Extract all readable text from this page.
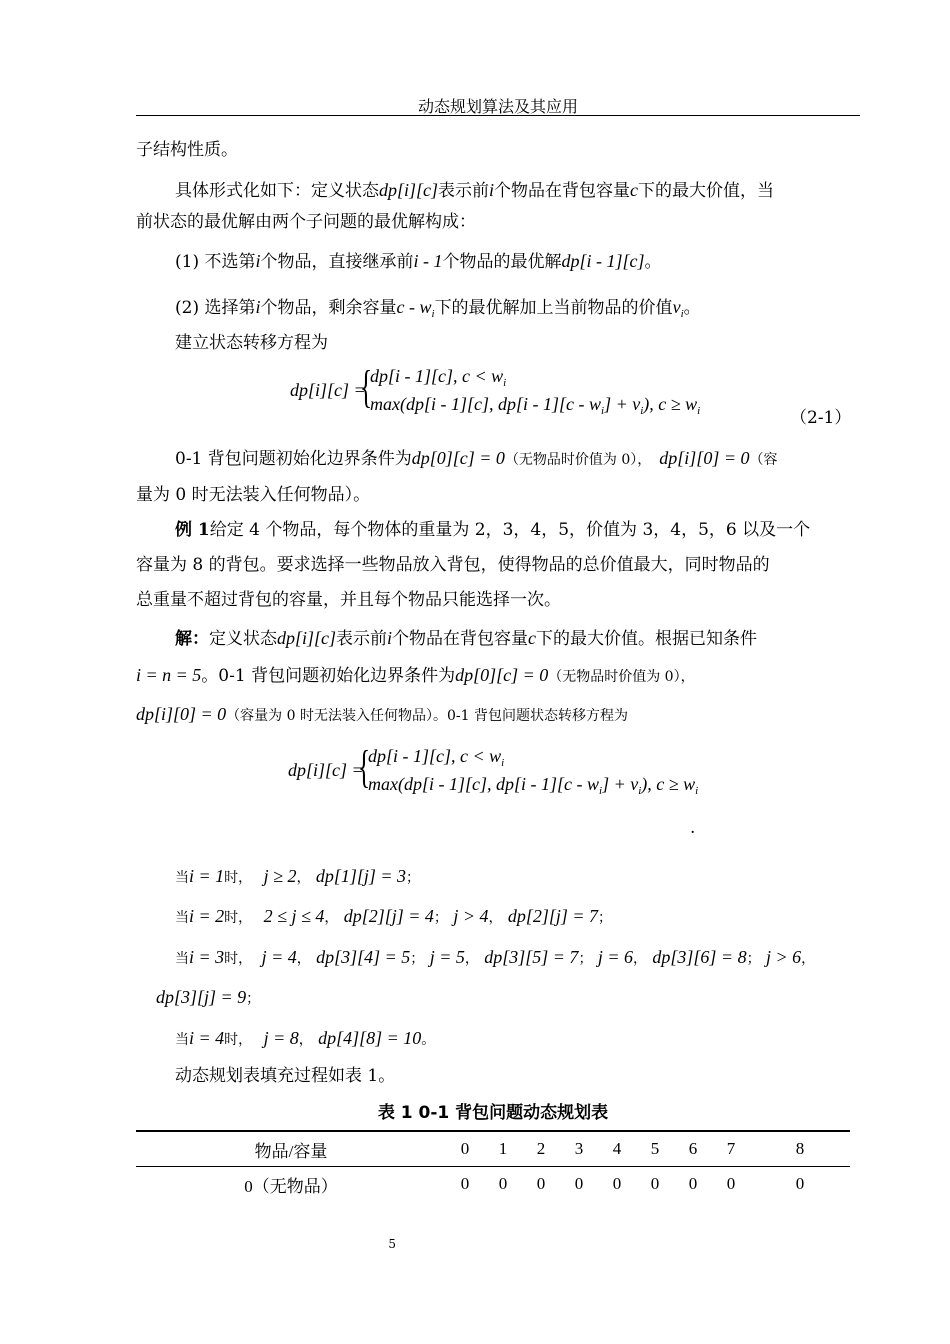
动态规划算法及其应用
子结构性质。
具体形式化如下：定义状态dp[i][c]表示前i个物品在背包容量c下的最大价值，当
前状态的最优解由两个子问题的最优解构成：
(1) 不选第i个物品，直接继承前i - 1个物品的最优解dp[i - 1][c]。
(2) 选择第i个物品，剩余容量c - $w_i$下的最优解加上当前物品的价值$v_i$。
建立状态转移方程为
dp[i][c] =
{
dp[i - 1][c], $c < w_i$
max(dp[i - 1][c], $dp[i - 1][c - w_i] + v_i$), $c \ge w_i$	（2-1）
0-1 背包问题初始化边界条件为dp[0][c] = 0（无物品时价值为 0）， dp[i][0] = 0（容
量为 0 时无法装入任何物品）。
例 1给定 4 个物品，每个物体的重量为 2，3，4，5，价值为 3，4，5，6 以及一个
容量为 8 的背包。要求选择一些物品放入背包，使得物品的总价值最大，同时物品的
总重量不超过背包的容量，并且每个物品只能选择一次。
解：定义状态dp[i][c]表示前i个物品在背包容量c下的最大价值。根据已知条件
i = n = 5。0-1 背包问题初始化边界条件为dp[0][c] = 0（无物品时价值为 0），
dp[i][0] = 0（容量为 0 时无法装入任何物品）。0-1 背包问题状态转移方程为
dp[i][c] =
{
dp[i - 1][c], $c < w_i$
max(dp[i - 1][c], $dp[i - 1][c - w_i] + v_i$), $c \ge w_i$
.
当i = 1时， j ≥ 2， dp[1][j] = 3；
当i = 2时， 2 ≤ j ≤ 4， dp[2][j] = 4； j > 4， dp[2][j] = 7；
当i = 3时， j = 4， dp[3][4] = 5； j = 5， dp[3][5] = 7； j = 6， dp[3][6] = 8； j > 6，
dp[3][j] = 9；
当i = 4时， j = 8， dp[4][8] = 10。
动态规划表填充过程如表 1。
表 1 0-1 背包问题动态规划表
物品/容量	0	1	2	3	4	5	6	7	8
0（无物品）	0	0	0	0	0	0	0	0	0
5
